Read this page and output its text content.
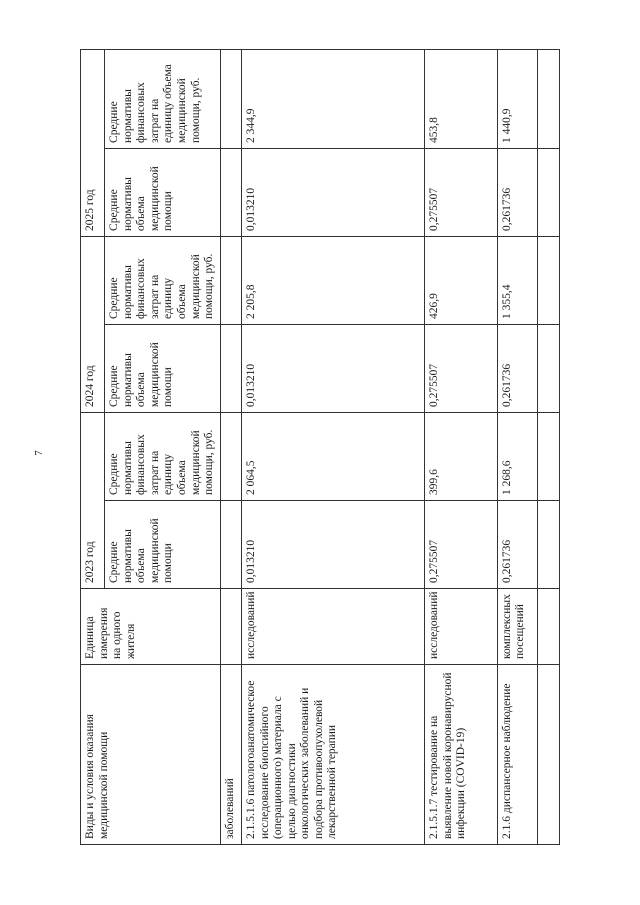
7
Виды и условия оказания медицинской помощи	Единица измерения на одного жителя	2023 год		2024 год		2025 год	
		Средние нормативы объема медицинской помощи	Средние нормативы финансовых затрат на единицу объема медицинской помощи, руб.	Средние нормативы объема медицинской помощи	Средние нормативы финансовых затрат на единицу объема медицинской помощи, руб.	Средние нормативы объема медицинской помощи	Средние нормативы финансовых затрат на единицу объема медицинской помощи, руб.
заболеваний							
2.1.5.1.6 патологоанатомическое исследование биопсийного (операционного) материала с целью диагностики онкологических заболеваний и подбора противоопухолевой лекарственной терапии	исследований	0,013210	2 064,5	0,013210	2 205,8	0,013210	2 344,9
2.1.5.1.7 тестирование на выявление новой коронавирусной инфекции (COVID-19)	исследований	0,275507	399,6	0,275507	426,9	0,275507	453,8
2.1.6 диспансерное наблюдение	комплексных посещений	0,261736	1 268,6	0,261736	1 355,4	0,261736	1 440,9
